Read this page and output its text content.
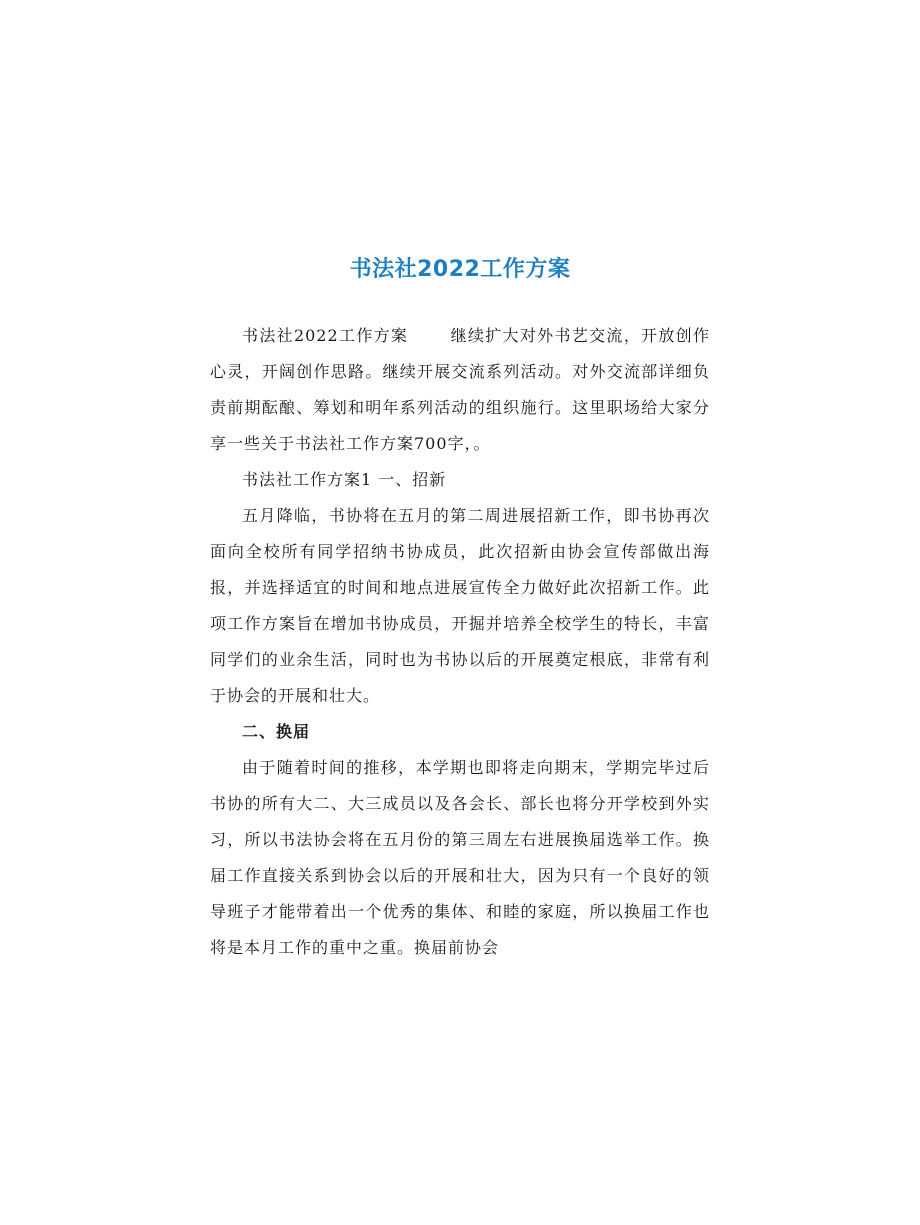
书法社2022工作方案

书法社2022工作方案	继续扩大对外书艺交流，开放创作心灵，开阔创作思路。继续开展交流系列活动。对外交流部详细负责前期酝酿、筹划和明年系列活动的组织施行。这里职场给大家分享一些关于书法社工作方案700字，。

书法社工作方案1 一、招新

五月降临，书协将在五月的第二周进展招新工作，即书协再次面向全校所有同学招纳书协成员，此次招新由协会宣传部做出海报，并选择适宜的时间和地点进展宣传全力做好此次招新工作。此项工作方案旨在增加书协成员，开掘并培养全校学生的特长，丰富同学们的业余生活，同时也为书协以后的开展奠定根底，非常有利于协会的开展和壮大。

二、换届

由于随着时间的推移，本学期也即将走向期末，学期完毕过后书协的所有大二、大三成员以及各会长、部长也将分开学校到外实习，所以书法协会将在五月份的第三周左右进展换届选举工作。换届工作直接关系到协会以后的开展和壮大，因为只有一个良好的领导班子才能带着出一个优秀的集体、和睦的家庭，所以换届工作也将是本月工作的重中之重。换届前协会
